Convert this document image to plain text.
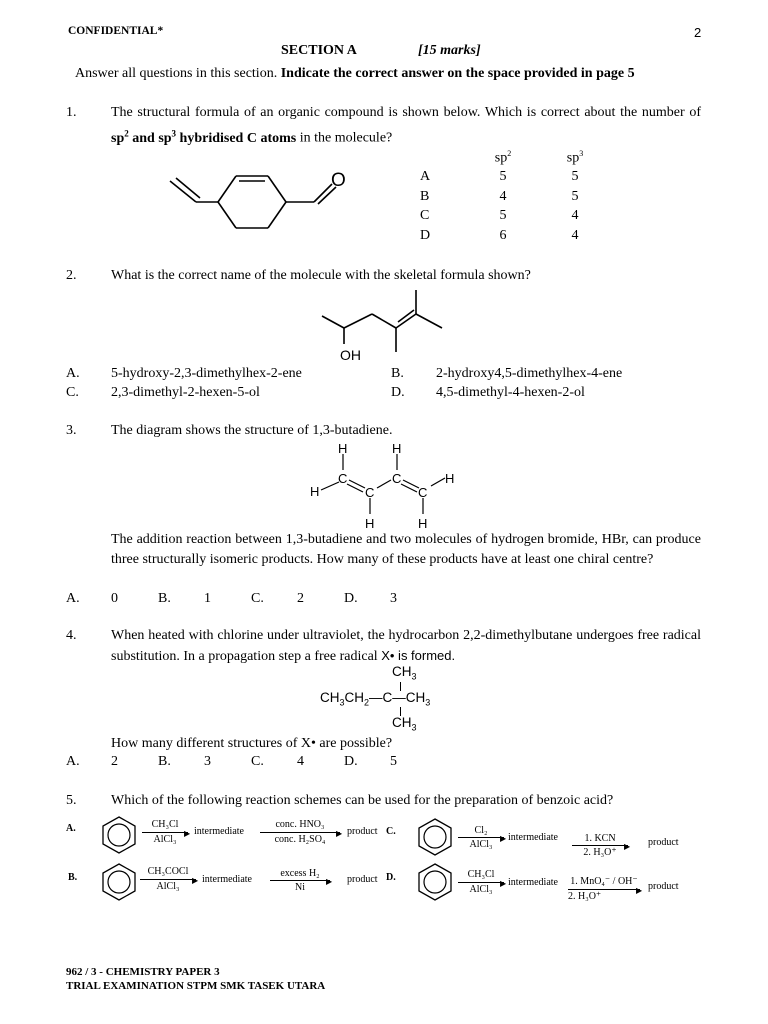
CONFIDENTIAL*	2
SECTION A	[15 marks]
Answer all questions in this section. Indicate the correct answer on the space provided in page 5
1. The structural formula of an organic compound is shown below. Which is correct about the number of $sp^2$ and $sp^3$ hybridised C atoms in the molecule?
O
	$sp^2$	$sp^3$
A	5	5
B	4	5
C	5	4
D	6	4
2. What is the correct name of the molecule with the skeletal formula shown?
OH
A. 5-hydroxy-2,3-dimethylhex-2-ene	B. 2-hydroxy4,5-dimethylhex-4-ene
C. 2,3-dimethyl-2-hexen-5-ol	D. 4,5-dimethyl-4-hexen-2-ol
3. The diagram shows the structure of 1,3-butadiene.
H	H
C	C
C	C
H
H
H	H
The addition reaction between 1,3-butadiene and two molecules of hydrogen bromide, HBr, can produce three structurally isomeric products. How many of these products have at least one chiral centre?
A. 0	B. 1	C. 2	D. 3
4. When heated with chlorine under ultraviolet, the hydrocarbon 2,2-dimethylbutane undergoes free radical substitution. In a propagation step a free radical X• is formed.
$CH_3$
$CH_3CH_2—C—CH_3$
$CH_3$
How many different structures of X• are possible?
A. 2	B. 3	C. 4	D. 5
5. Which of the following reaction schemes can be used for the preparation of benzoic acid?
A.	CH₃Cl
▶
AlCl₃
intermediate
conc. HNO₃
▶
conc. H₂SO₄
product C.	Cl₂
▶
AlCl₃
intermediate	1. KCN
▶
2. H₃O⁺
product
B.
CH₃COCl
▶
AlCl₃
intermediate
excess H₂
▶
Ni
product D.	CH₃Cl
▶
AlCl₃
intermediate 1. MnO₄⁻ / OH⁻
▶
2. H₃O⁺
product
962 / 3 - CHEMISTRY PAPER 3
TRIAL EXAMINATION STPM SMK TASEK UTARA
